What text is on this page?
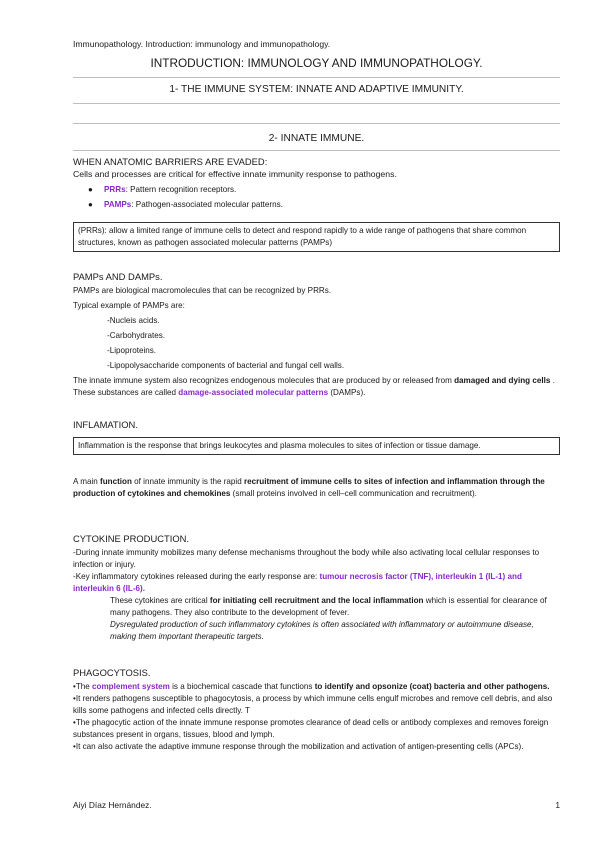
Immunopathology. Introduction: immunology and immunopathology.
INTRODUCTION: IMMUNOLOGY AND IMMUNOPATHOLOGY.
1- THE IMMUNE SYSTEM: INNATE AND ADAPTIVE IMMUNITY.
2- INNATE IMMUNE.

WHEN ANATOMIC BARRIERS ARE EVADED:

Cells and processes are critical for effective innate immunity response to pathogens.

●	PRRs: Pattern recognition receptors.
●	PAMPs: Pathogen-associated molecular patterns.
(PRRs): allow a limited range of immune cells to detect and respond rapidly to a wide range of pathogens that share common structures, known as pathogen associated molecular patterns (PAMPs)

PAMPs AND DAMPs.

PAMPs are biological macromolecules that can be recognized by PRRs.

Typical example of PAMPs are:

-Nucleis acids.

-Carbohydrates.

-Lipoproteins.

-Lipopolysaccharide components of bacterial and fungal cell walls.

The innate immune system also recognizes endogenous molecules that are produced by or released from damaged and dying cells . These substances are called damage-associated molecular patterns (DAMPs).

INFLAMATION.

Inflammation is the response that brings leukocytes and plasma molecules to sites of infection or tissue damage.

A main function of innate immunity is the rapid recruitment of immune cells to sites of infection and inflammation through the production of cytokines and chemokines (small proteins involved in cell–cell communication and recruitment).

CYTOKINE PRODUCTION.

-During innate immunity mobilizes many defense mechanisms throughout the body while also activating local cellular responses to infection or injury.

-Key inflammatory cytokines released during the early response are: tumour necrosis factor (TNF), interleukin 1 (IL-1) and interleukin 6 (IL-6).

These cytokines are critical for initiating cell recruitment and the local inflammation which is essential for clearance of many pathogens. They also contribute to the development of fever.

Dysregulated production of such inflammatory cytokines is often associated with inflammatory or autoimmune disease, making them important therapeutic targets.

PHAGOCYTOSIS.

•The complement system is a biochemical cascade that functions to identify and opsonize (coat) bacteria and other pathogens.

•It renders pathogens susceptible to phagocytosis, a process by which immune cells engulf microbes and remove cell debris, and also kills some pathogens and infected cells directly. T

•The phagocytic action of the innate immune response promotes clearance of dead cells or antibody complexes and removes foreign substances present in organs, tissues, blood and lymph.

•It can also activate the adaptive immune response through the mobilization and activation of antigen-presenting cells (APCs).

Aiyi Díaz Hernández.	1
